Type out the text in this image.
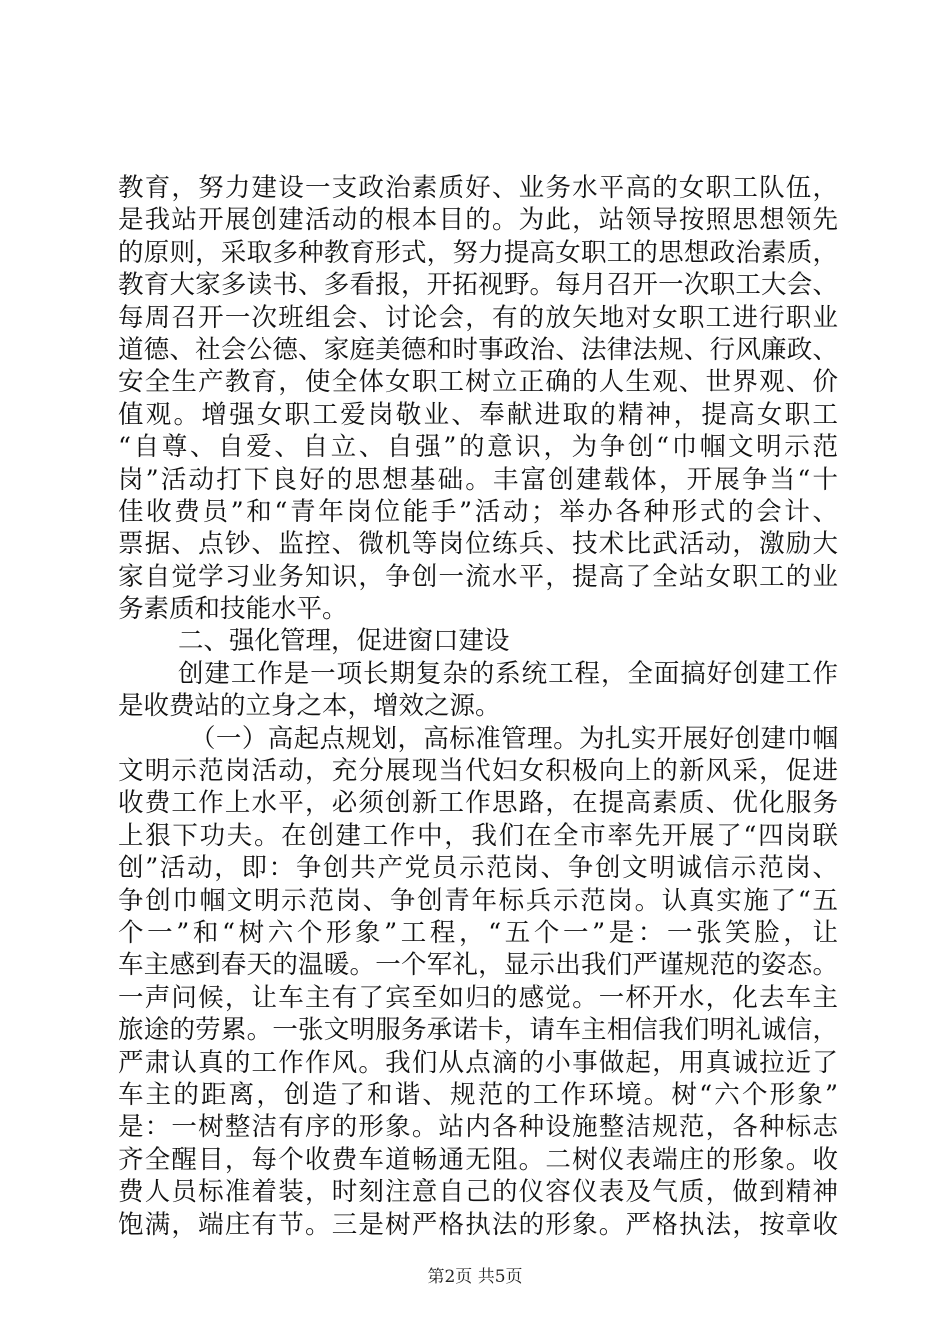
教育，努力建设一支政治素质好、业务水平高的女职工队伍，
是我站开展创建活动的根本目的。为此，站领导按照思想领先
的原则，采取多种教育形式，努力提高女职工的思想政治素质，
教育大家多读书、多看报，开拓视野。每月召开一次职工大会、
每周召开一次班组会、讨论会，有的放矢地对女职工进行职业
道德、社会公德、家庭美德和时事政治、法律法规、行风廉政、
安全生产教育，使全体女职工树立正确的人生观、世界观、价
值观。增强女职工爱岗敬业、奉献进取的精神，提高女职工
“自尊、自爱、自立、自强”的意识，为争创“巾帼文明示范
岗”活动打下良好的思想基础。丰富创建载体，开展争当“十
佳收费员”和“青年岗位能手”活动；举办各种形式的会计、
票据、点钞、监控、微机等岗位练兵、技术比武活动，激励大
家自觉学习业务知识，争创一流水平，提高了全站女职工的业
务素质和技能水平。
二、强化管理，促进窗口建设
创建工作是一项长期复杂的系统工程，全面搞好创建工作
是收费站的立身之本，增效之源。
（一）高起点规划，高标准管理。为扎实开展好创建巾帼
文明示范岗活动，充分展现当代妇女积极向上的新风采，促进
收费工作上水平，必须创新工作思路，在提高素质、优化服务
上狠下功夫。在创建工作中，我们在全市率先开展了“四岗联
创”活动，即：争创共产党员示范岗、争创文明诚信示范岗、
争创巾帼文明示范岗、争创青年标兵示范岗。认真实施了“五
个一”和“树六个形象”工程，“五个一”是：一张笑脸，让
车主感到春天的温暖。一个军礼，显示出我们严谨规范的姿态。
一声问候，让车主有了宾至如归的感觉。一杯开水，化去车主
旅途的劳累。一张文明服务承诺卡，请车主相信我们明礼诚信，
严肃认真的工作作风。我们从点滴的小事做起，用真诚拉近了
车主的距离，创造了和谐、规范的工作环境。树“六个形象”
是：一树整洁有序的形象。站内各种设施整洁规范，各种标志
齐全醒目，每个收费车道畅通无阻。二树仪表端庄的形象。收
费人员标准着装，时刻注意自己的仪容仪表及气质，做到精神
饱满，端庄有节。三是树严格执法的形象。严格执法，按章收
第2页 共5页
